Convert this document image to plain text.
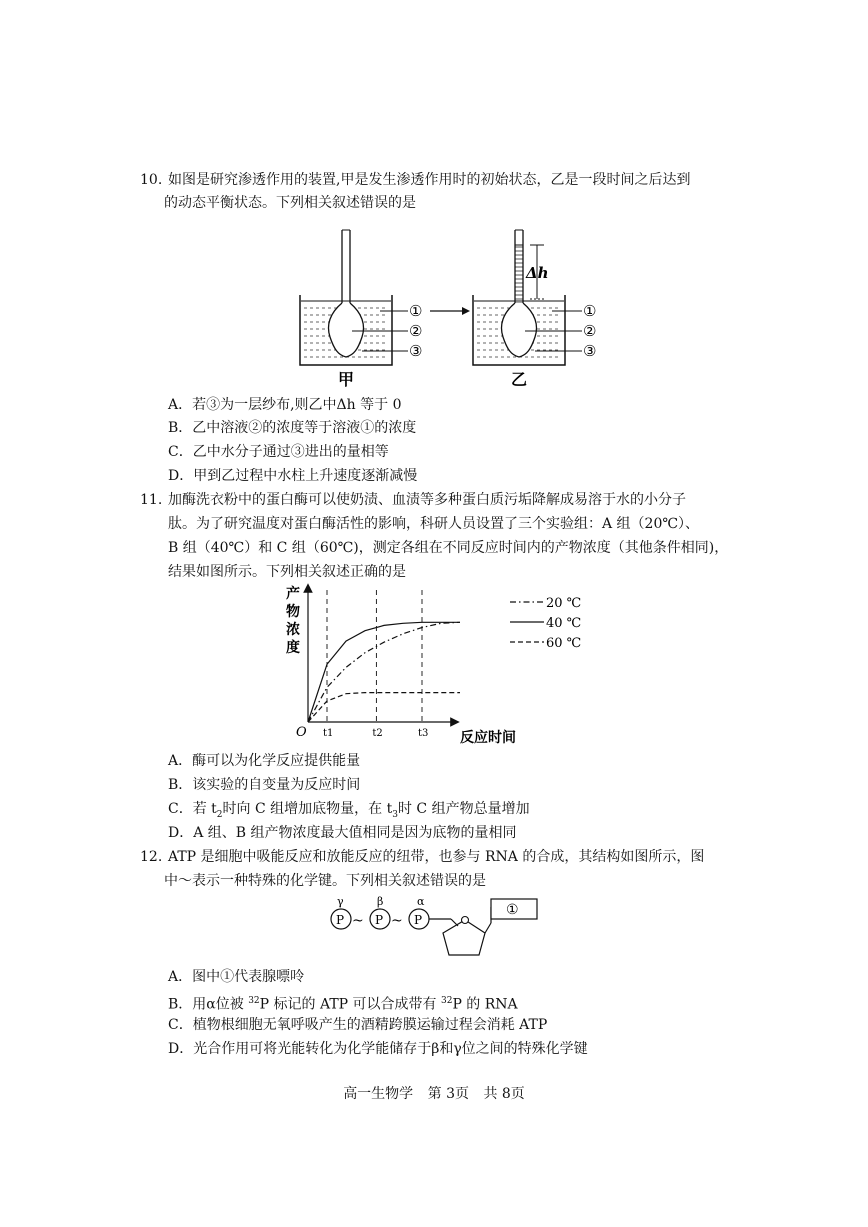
10. 如图是研究渗透作用的装置,甲是发生渗透作用时的初始状态，乙是一段时间之后达到
的动态平衡状态。下列相关叙述错误的是
①
②
③
甲
Δh
①
②
③
乙
A．若③为一层纱布,则乙中Δh 等于 0
B．乙中溶液②的浓度等于溶液①的浓度
C．乙中水分子通过③进出的量相等
D．甲到乙过程中水柱上升速度逐渐减慢
11. 加酶洗衣粉中的蛋白酶可以使奶渍、血渍等多种蛋白质污垢降解成易溶于水的小分子
肽。为了研究温度对蛋白酶活性的影响，科研人员设置了三个实验组：A 组（20℃）、
B 组（40℃）和 C 组（60℃)，测定各组在不同反应时间内的产物浓度（其他条件相同)，
结果如图所示。下列相关叙述正确的是
产
物
浓
度
O	反应时间
t1	t2	t3
20 ℃
40 ℃
60 ℃
A．酶可以为化学反应提供能量
B．该实验的自变量为反应时间
C．若 $t_2$时向 C 组增加底物量，在 $t_3$时 C 组产物总量增加
D．A 组、B 组产物浓度最大值相同是因为底物的量相同
12. ATP 是细胞中吸能反应和放能反应的纽带，也参与 RNA 的合成，其结构如图所示，图
中～表示一种特殊的化学键。下列相关叙述错误的是
γ	β	α
P ~ P ~ P
①
A．图中①代表腺嘌呤
B．用α位被 $^{32}$P 标记的 ATP 可以合成带有 $^{32}$P 的 RNA
C．植物根细胞无氧呼吸产生的酒精跨膜运输过程会消耗 ATP
D．光合作用可将光能转化为化学能储存于β和γ位之间的特殊化学键
高一生物学 第 3页 共 8页
